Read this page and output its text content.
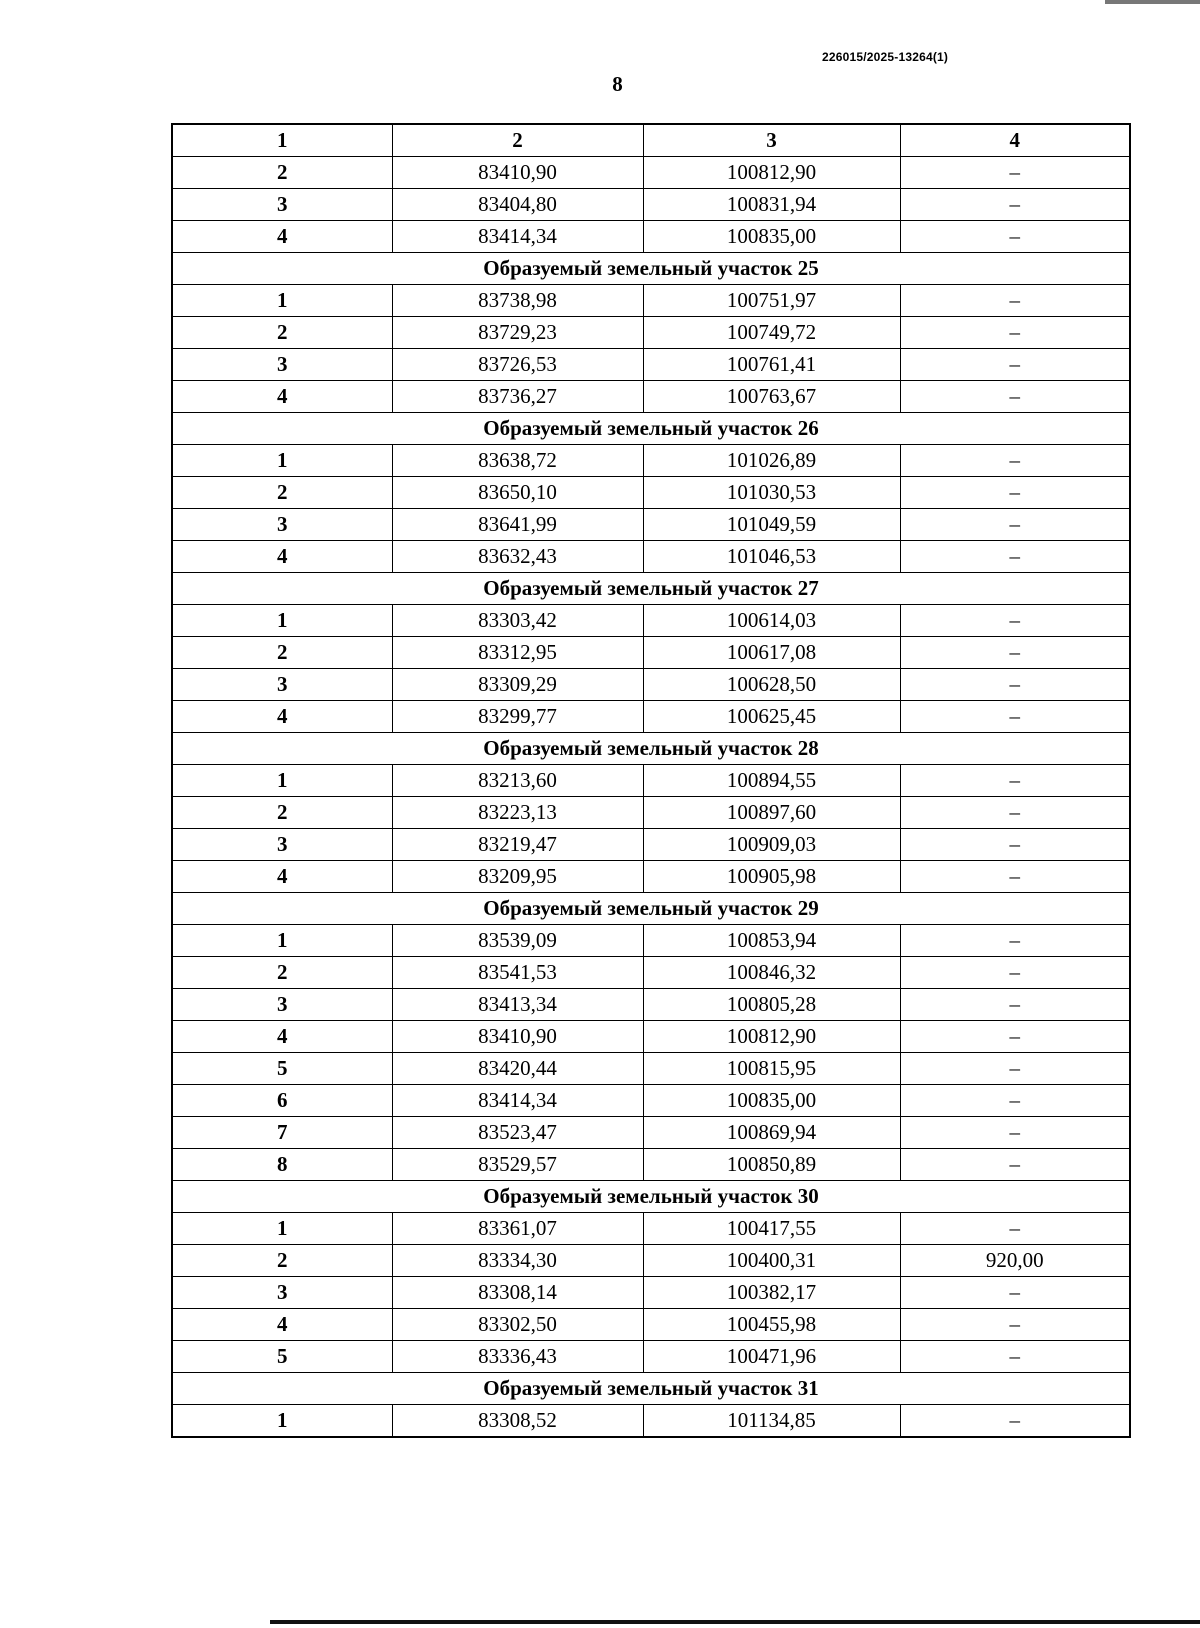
226015/2025-13264(1)
8
1	2	3	4
2	83410,90	100812,90	–
3	83404,80	100831,94	–
4	83414,34	100835,00	–
Образуемый земельный участок 25			
1	83738,98	100751,97	–
2	83729,23	100749,72	–
3	83726,53	100761,41	–
4	83736,27	100763,67	–
Образуемый земельный участок 26			
1	83638,72	101026,89	–
2	83650,10	101030,53	–
3	83641,99	101049,59	–
4	83632,43	101046,53	–
Образуемый земельный участок 27			
1	83303,42	100614,03	–
2	83312,95	100617,08	–
3	83309,29	100628,50	–
4	83299,77	100625,45	–
Образуемый земельный участок 28			
1	83213,60	100894,55	–
2	83223,13	100897,60	–
3	83219,47	100909,03	–
4	83209,95	100905,98	–
Образуемый земельный участок 29			
1	83539,09	100853,94	–
2	83541,53	100846,32	–
3	83413,34	100805,28	–
4	83410,90	100812,90	–
5	83420,44	100815,95	–
6	83414,34	100835,00	–
7	83523,47	100869,94	–
8	83529,57	100850,89	–
Образуемый земельный участок 30			
1	83361,07	100417,55	–
2	83334,30	100400,31	920,00
3	83308,14	100382,17	–
4	83302,50	100455,98	–
5	83336,43	100471,96	–
Образуемый земельный участок 31			
1	83308,52	101134,85	–
